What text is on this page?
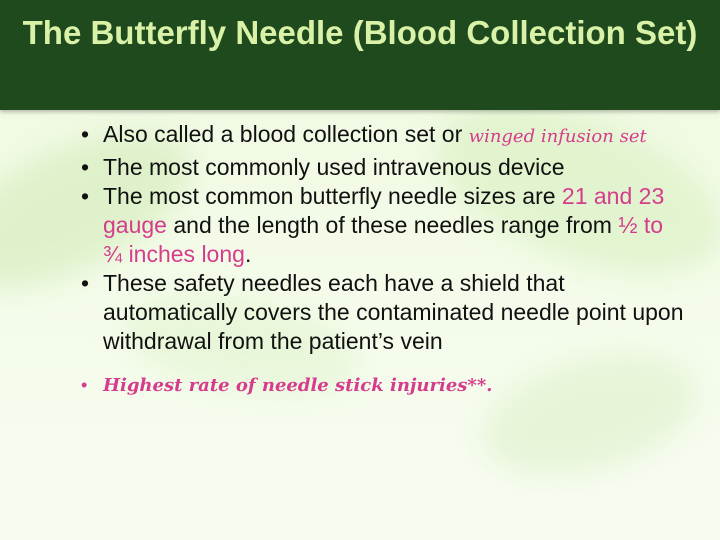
The Butterfly Needle (Blood Collection Set)
• Also called a blood collection set or winged infusion set
• The most commonly used intravenous device
• The most common butterfly needle sizes are 21 and 23 gauge and the length of these needles range from ½ to ¾ inches long.
• These safety needles each have a shield that automatically covers the contaminated needle point upon withdrawal from the patient’s vein
• Highest rate of needle stick injuries**.
